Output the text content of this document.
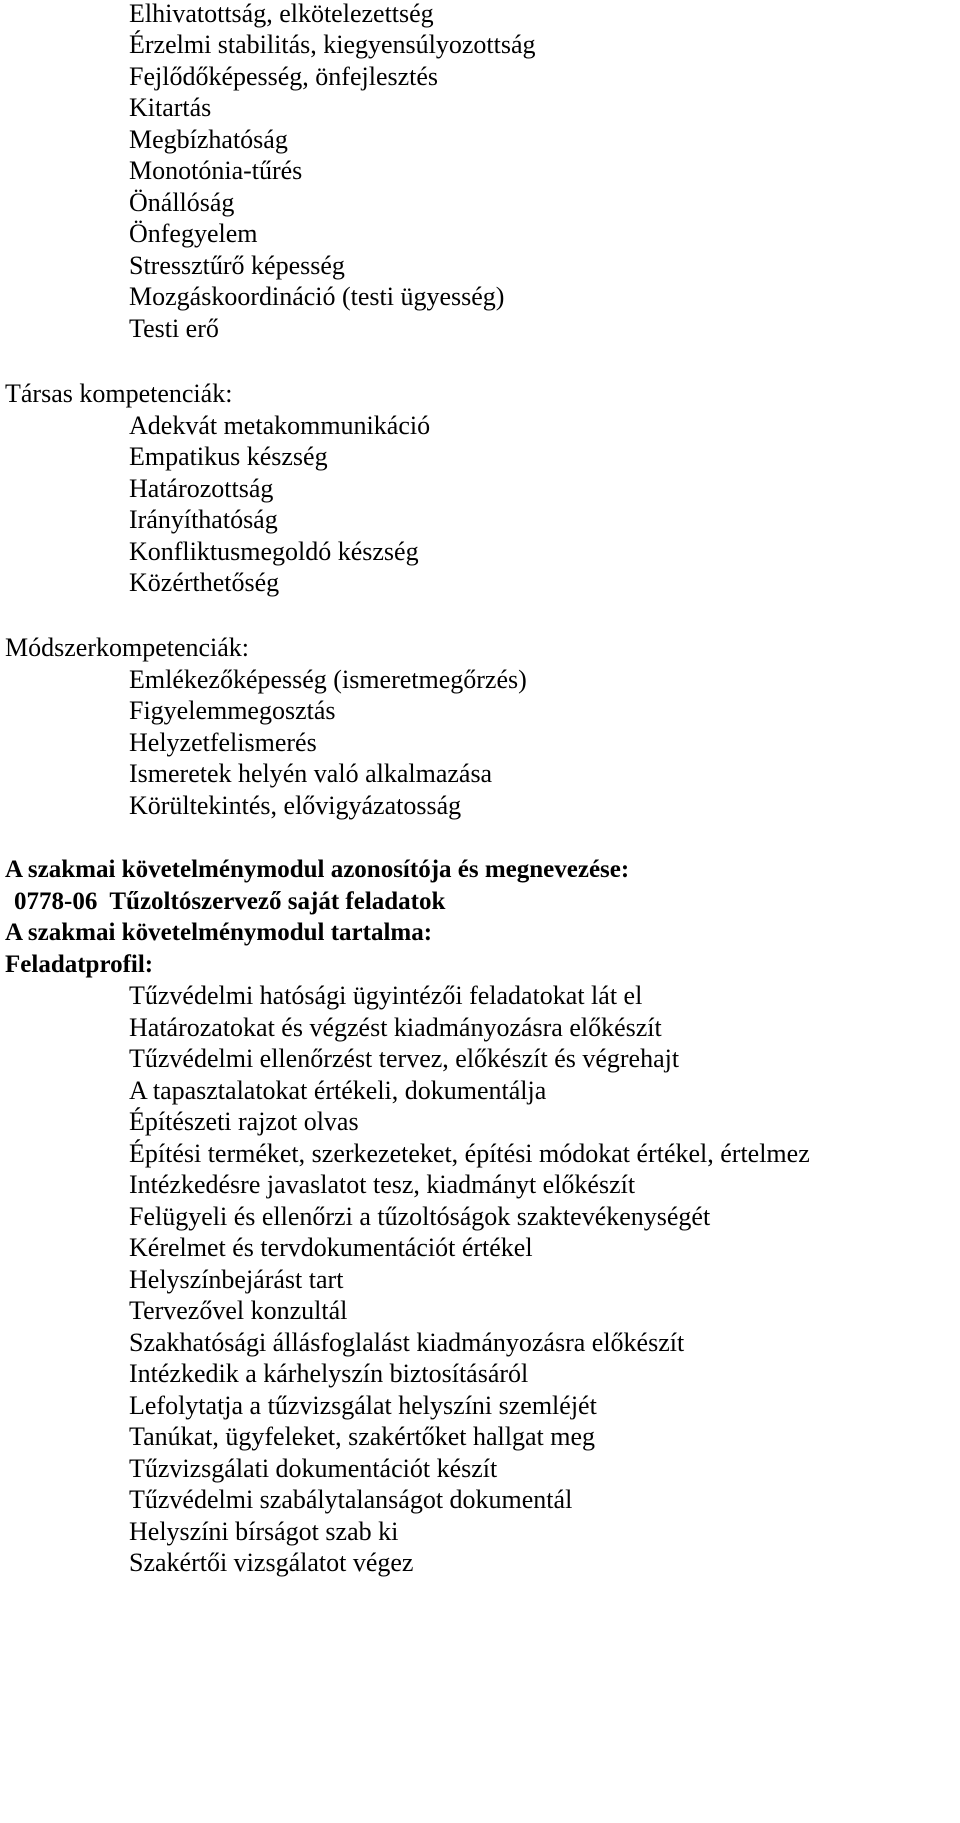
Elhivatottság, elkötelezettség
Érzelmi stabilitás, kiegyensúlyozottság
Fejlődőképesség, önfejlesztés
Kitartás
Megbízhatóság
Monotónia-tűrés
Önállóság
Önfegyelem
Stressztűrő képesség
Mozgáskoordináció (testi ügyesség)
Testi erő
Társas kompetenciák:
Adekvát metakommunikáció
Empatikus készség
Határozottság
Irányíthatóság
Konfliktusmegoldó készség
Közérthetőség
Módszerkompetenciák:
Emlékezőképesség (ismeretmegőrzés)
Figyelemmegosztás
Helyzetfelismerés
Ismeretek helyén való alkalmazása
Körültekintés, elővigyázatosság
A szakmai követelménymodul azonosítója és megnevezése:
0778-06  Tűzoltószervező saját feladatok
A szakmai követelménymodul tartalma:
Feladatprofil:
Tűzvédelmi hatósági ügyintézői feladatokat lát el
Határozatokat és végzést kiadmányozásra előkészít
Tűzvédelmi ellenőrzést tervez, előkészít és végrehajt
A tapasztalatokat értékeli, dokumentálja
Építészeti rajzot olvas
Építési terméket, szerkezeteket, építési módokat értékel, értelmez
Intézkedésre javaslatot tesz, kiadmányt előkészít
Felügyeli és ellenőrzi a tűzoltóságok szaktevékenységét
Kérelmet és tervdokumentációt értékel
Helyszínbejárást tart
Tervezővel konzultál
Szakhatósági állásfoglalást kiadmányozásra előkészít
Intézkedik a kárhelyszín biztosításáról
Lefolytatja a tűzvizsgálat helyszíni szemléjét
Tanúkat, ügyfeleket, szakértőket hallgat meg
Tűzvizsgálati dokumentációt készít
Tűzvédelmi szabálytalanságot dokumentál
Helyszíni bírságot szab ki
Szakértői vizsgálatot végez
